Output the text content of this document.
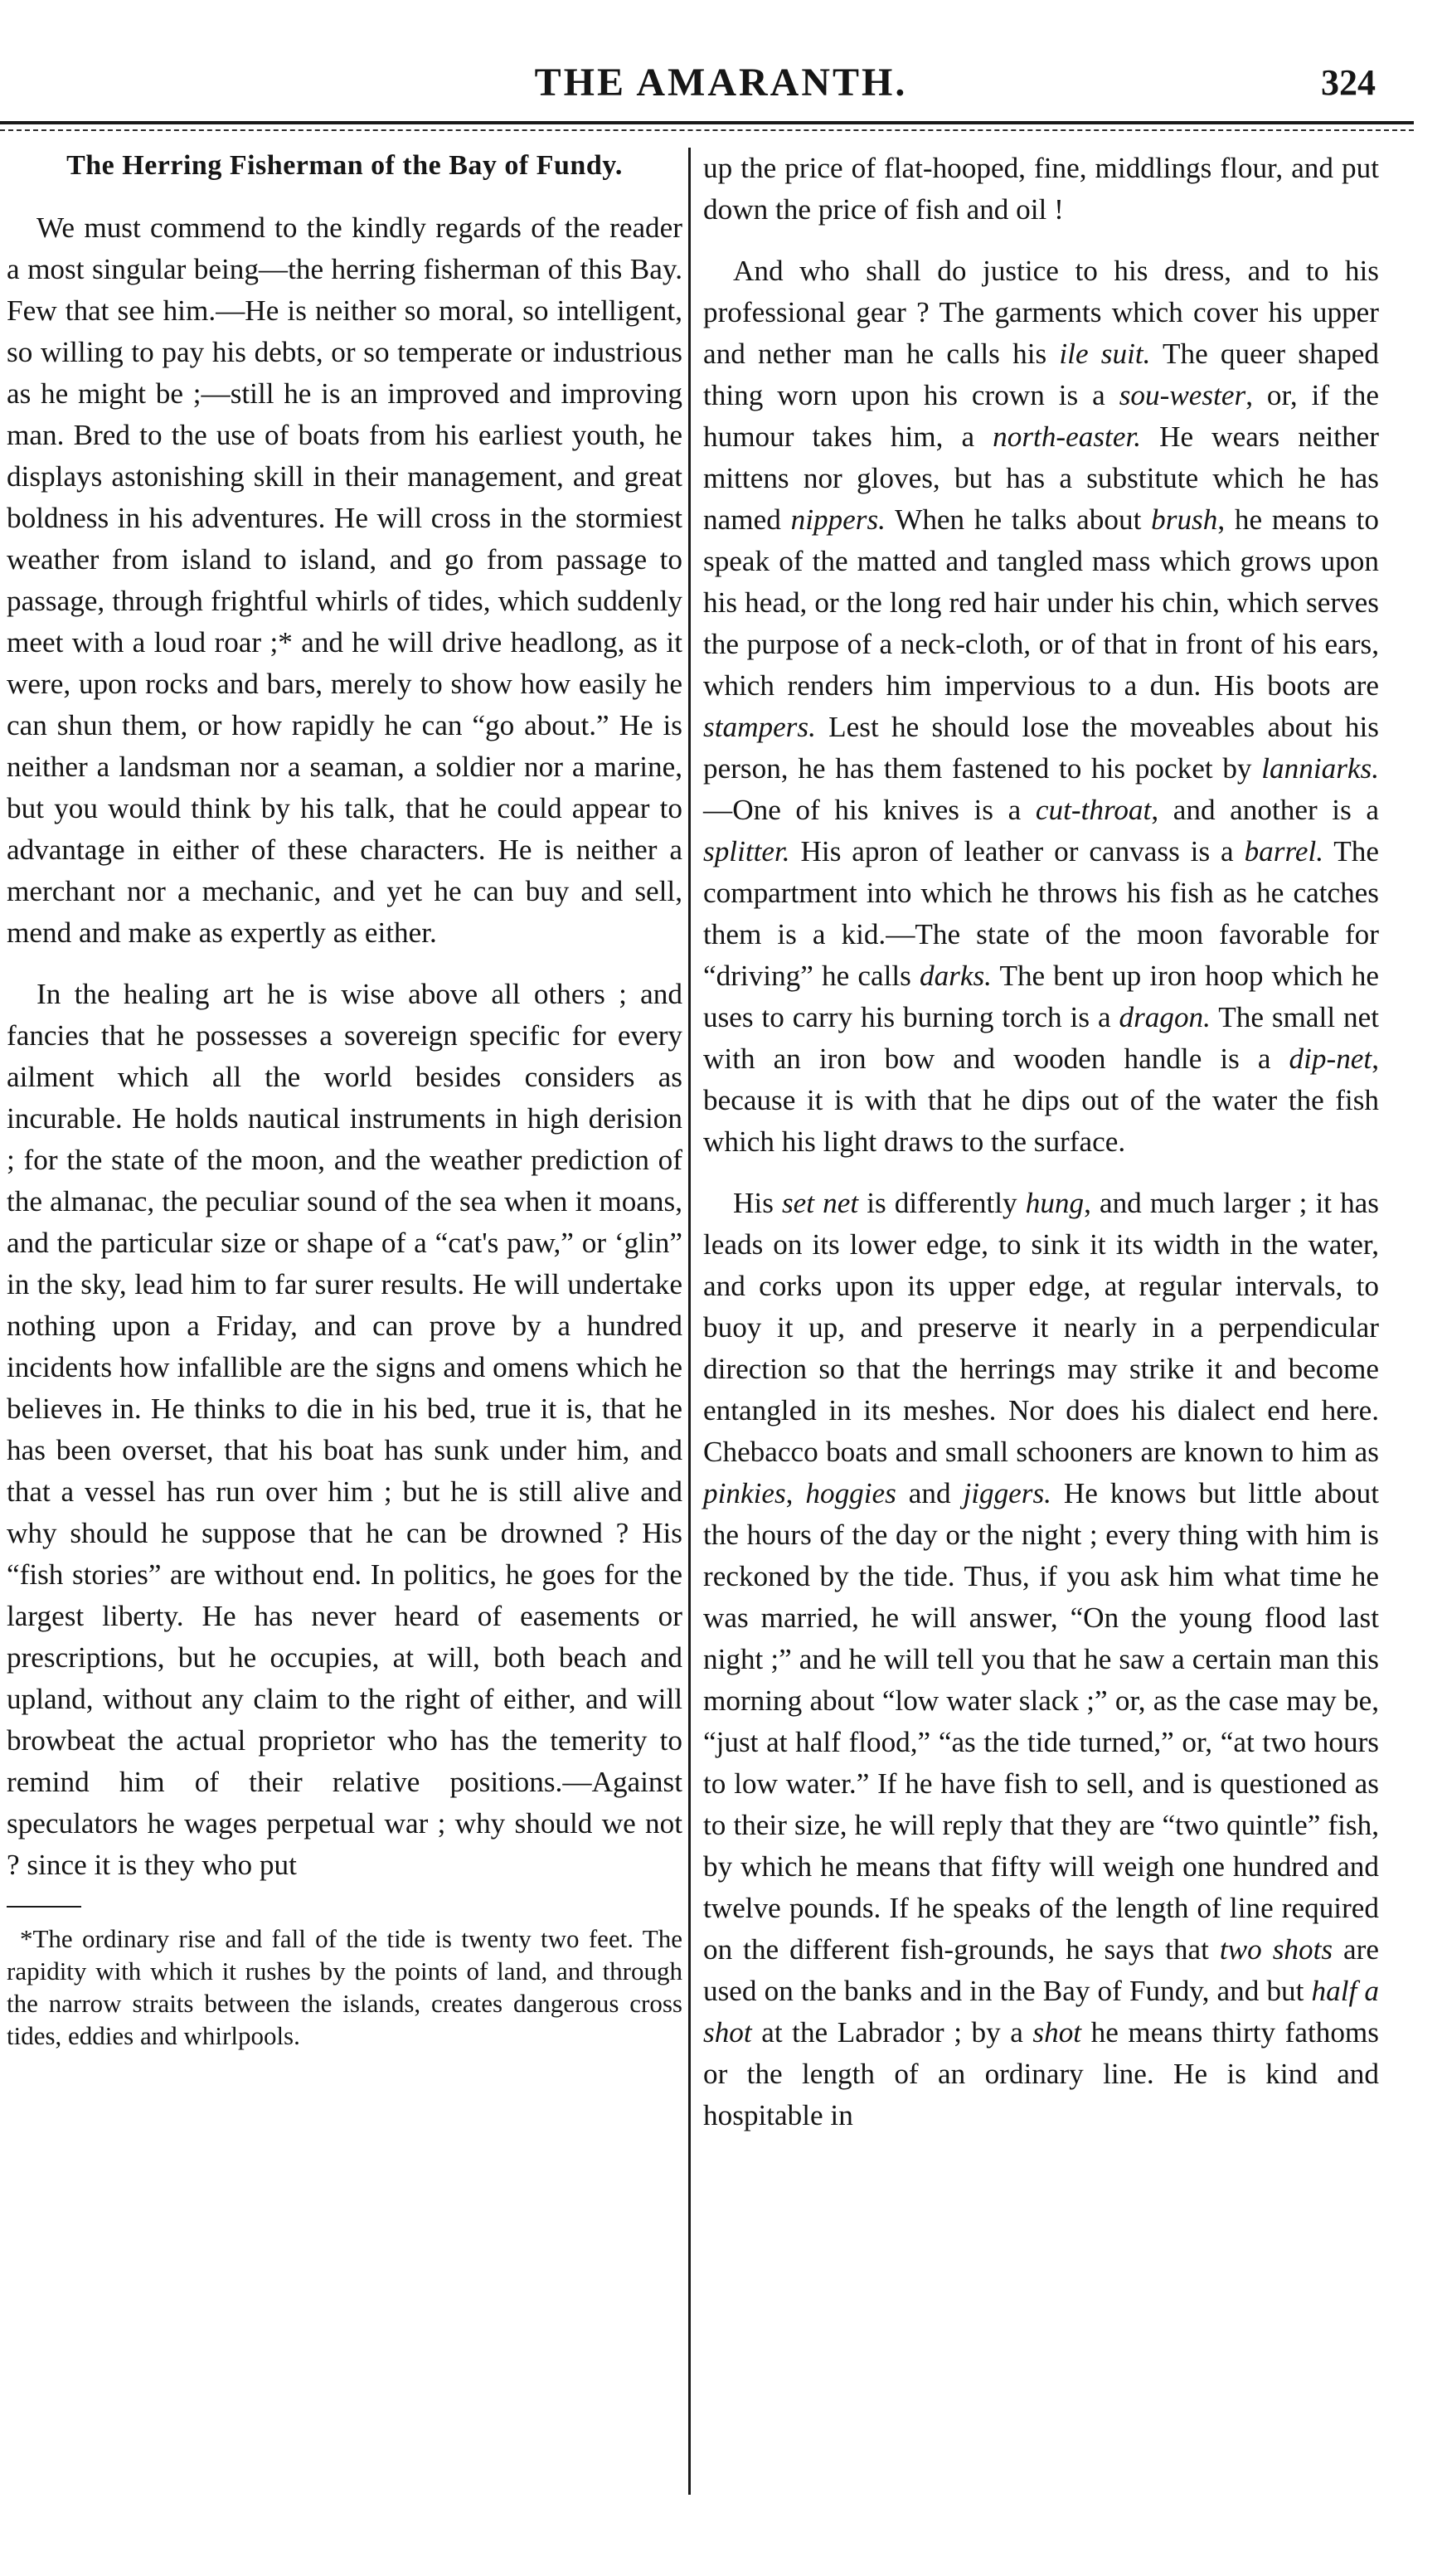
THE AMARANTH.	324
The Herring Fisherman of the Bay of Fundy.

We must commend to the kindly regards of the reader a most singular being—the herring fisherman of this Bay. Few that see him.—He is neither so moral, so intelligent, so willing to pay his debts, or so temperate or industrious as he might be ;—still he is an improved and improving man. Bred to the use of boats from his earliest youth, he displays astonishing skill in their management, and great boldness in his adventures. He will cross in the stormiest weather from island to island, and go from passage to passage, through frightful whirls of tides, which suddenly meet with a loud roar ;* and he will drive headlong, as it were, upon rocks and bars, merely to show how easily he can shun them, or how rapidly he can “go about.” He is neither a landsman nor a seaman, a soldier nor a marine, but you would think by his talk, that he could appear to advantage in either of these characters. He is neither a merchant nor a mechanic, and yet he can buy and sell, mend and make as expertly as either.

In the healing art he is wise above all others ; and fancies that he possesses a sovereign specific for every ailment which all the world besides considers as incurable. He holds nautical instruments in high derision ; for the state of the moon, and the weather prediction of the almanac, the peculiar sound of the sea when it moans, and the particular size or shape of a “cat's paw,” or ‘glin” in the sky, lead him to far surer results. He will undertake nothing upon a Friday, and can prove by a hundred incidents how infallible are the signs and omens which he believes in. He thinks to die in his bed, true it is, that he has been overset, that his boat has sunk under him, and that a vessel has run over him ; but he is still alive and why should he suppose that he can be drowned ? His “fish stories” are without end. In politics, he goes for the largest liberty. He has never heard of easements or prescriptions, but he occupies, at will, both beach and upland, without any claim to the right of either, and will browbeat the actual proprietor who has the temerity to remind him of their relative positions.—Against speculators he wages perpetual war ; why should we not ? since it is they who put

*The ordinary rise and fall of the tide is twenty two feet. The rapidity with which it rushes by the points of land, and through the narrow straits between the islands, creates dangerous cross tides, eddies and whirlpools.

up the price of flat-hooped, fine, middlings flour, and put down the price of fish and oil !

And who shall do justice to his dress, and to his professional gear ? The garments which cover his upper and nether man he calls his ile suit. The queer shaped thing worn upon his crown is a sou-wester, or, if the humour takes him, a north-easter. He wears neither mittens nor gloves, but has a substitute which he has named nippers. When he talks about brush, he means to speak of the matted and tangled mass which grows upon his head, or the long red hair under his chin, which serves the purpose of a neck-cloth, or of that in front of his ears, which renders him impervious to a dun. His boots are stampers. Lest he should lose the moveables about his person, he has them fastened to his pocket by lanniarks.—One of his knives is a cut-throat, and another is a splitter. His apron of leather or canvass is a barrel. The compartment into which he throws his fish as he catches them is a kid.—The state of the moon favorable for “driving” he calls darks. The bent up iron hoop which he uses to carry his burning torch is a dragon. The small net with an iron bow and wooden handle is a dip-net, because it is with that he dips out of the water the fish which his light draws to the surface.

His set net is differently hung, and much larger ; it has leads on its lower edge, to sink it its width in the water, and corks upon its upper edge, at regular intervals, to buoy it up, and preserve it nearly in a perpendicular direction so that the herrings may strike it and become entangled in its meshes. Nor does his dialect end here. Chebacco boats and small schooners are known to him as pinkies, hoggies and jiggers. He knows but little about the hours of the day or the night ; every thing with him is reckoned by the tide. Thus, if you ask him what time he was married, he will answer, “On the young flood last night ;” and he will tell you that he saw a certain man this morning about “low water slack ;” or, as the case may be, “just at half flood,” “as the tide turned,” or, “at two hours to low water.” If he have fish to sell, and is questioned as to their size, he will reply that they are “two quintle” fish, by which he means that fifty will weigh one hundred and twelve pounds. If he speaks of the length of line required on the different fish-grounds, he says that two shots are used on the banks and in the Bay of Fundy, and but half a shot at the Labrador ; by a shot he means thirty fathoms or the length of an ordinary line. He is kind and hospitable in
